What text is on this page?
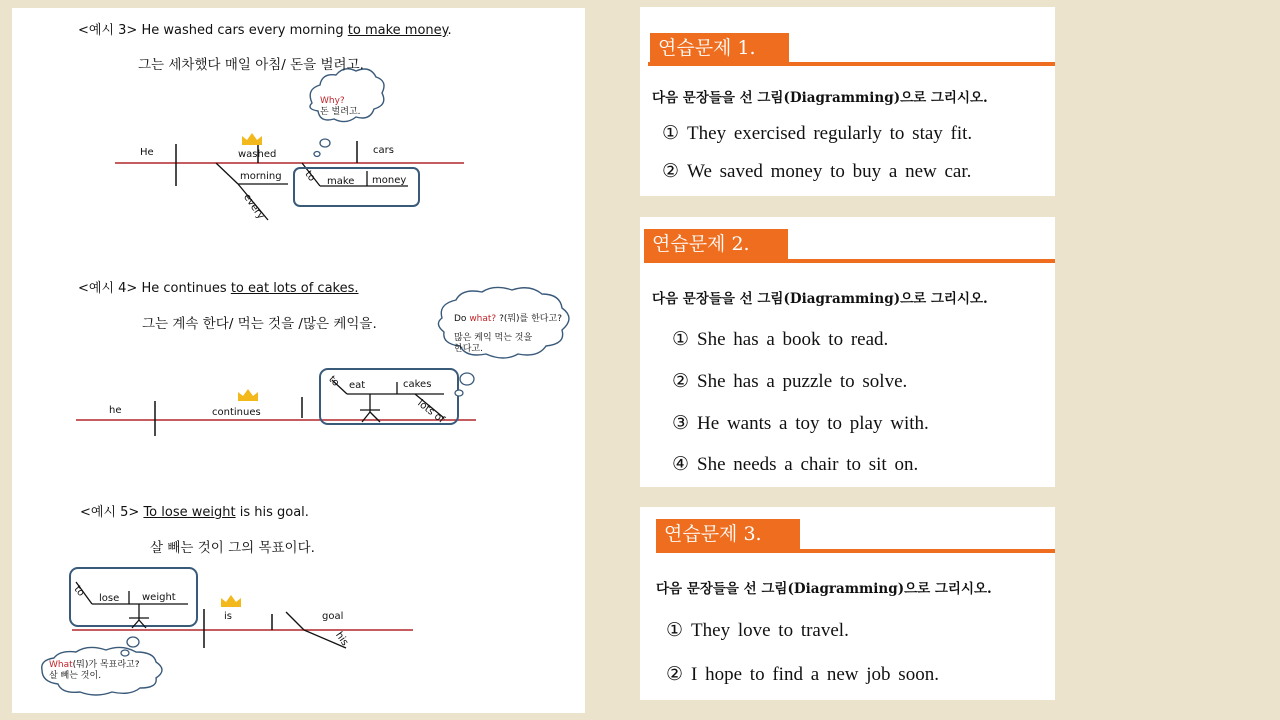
<예시 3> He washed cars every morning to make money.
그는 세차했다 매일 아침/ 돈을 벌려고.
He	washed	cars
morning
every
to make money
Why?
돈 벌려고.
<예시 4> He continues to eat lots of cakes.
그는 계속 한다/ 먹는 것을 /많은 케익을.
he	continues
to eat	cakes
lots of
Do what? ?(뭐)를 한다고?
많은 케익 먹는 것을
한다고.
<예시 5> To lose weight is his goal.
살 빼는 것이 그의 목표이다.
to lose weight
is	goal
his
What(뭐)가 목표라고?
살 빼는 것이.
연습문제 1.
다음 문장들을 선 그림(Diagramming)으로 그리시오.
① They exercised regularly to stay fit.
② We saved money to buy a new car.
연습문제 2.
다음 문장들을 선 그림(Diagramming)으로 그리시오.
① She has a book to read.
② She has a puzzle to solve.
③ He wants a toy to play with.
④ She needs a chair to sit on.
연습문제 3.
다음 문장들을 선 그림(Diagramming)으로 그리시오.
① They love to travel.
② I hope to find a new job soon.
